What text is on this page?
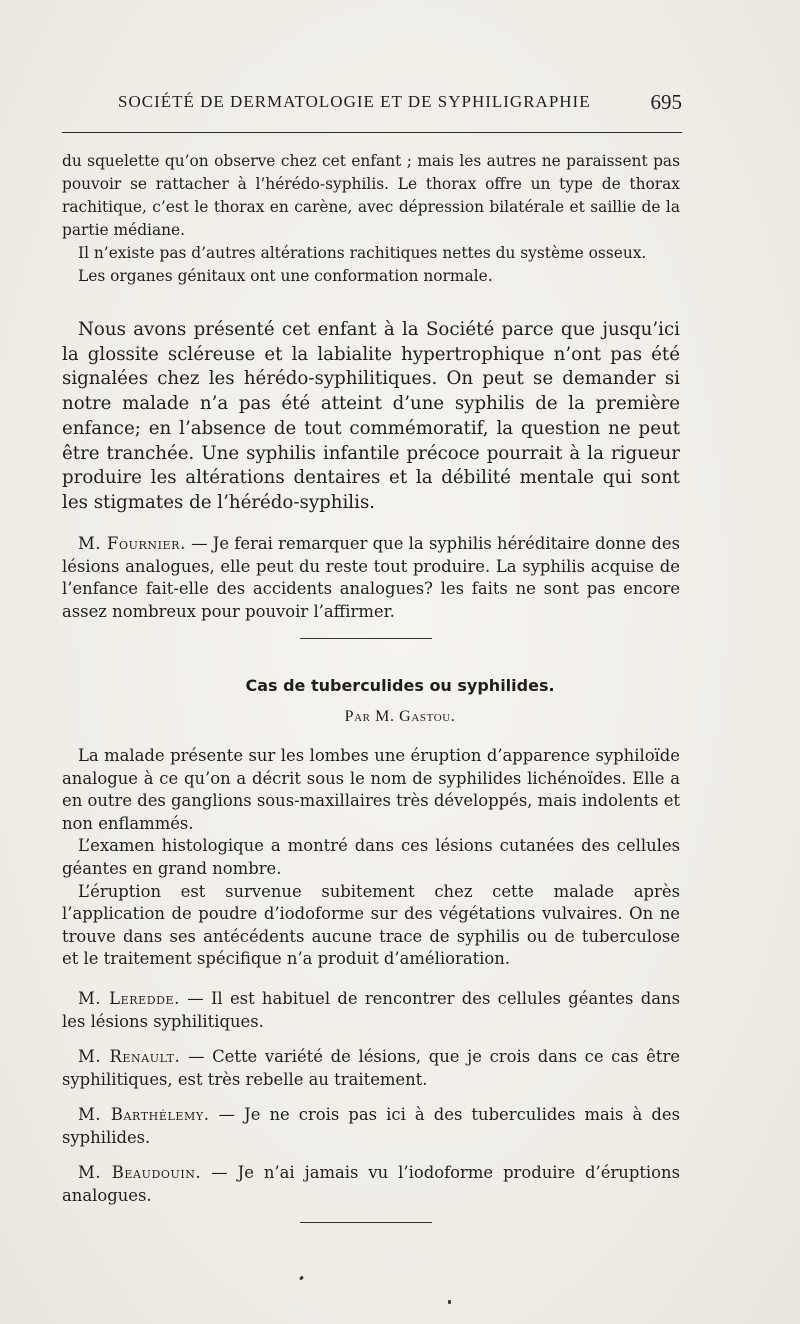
SOCIÉTÉ DE DERMATOLOGIE ET DE SYPHILIGRAPHIE	695

du squelette qu’on observe chez cet enfant ; mais les autres ne paraissent pas pouvoir se rattacher à l’hérédo-syphilis. Le thorax offre un type de thorax rachitique, c’est le thorax en carène, avec dépression bilatérale et saillie de la partie médiane.

Il n’existe pas d’autres altérations rachitiques nettes du système osseux.

Les organes génitaux ont une conformation normale.

Nous avons présenté cet enfant à la Société parce que jusqu’ici la glossite scléreuse et la labialite hypertrophique n’ont pas été signalées chez les hérédo-syphilitiques. On peut se demander si notre malade n’a pas été atteint d’une syphilis de la première enfance; en l’absence de tout commémoratif, la question ne peut être tranchée. Une syphilis infantile précoce pourrait à la rigueur produire les altérations dentaires et la débilité mentale qui sont les stigmates de l’hérédo-syphilis.

M. Fournier. — Je ferai remarquer que la syphilis héréditaire donne des lésions analogues, elle peut du reste tout produire. La syphilis acquise de l’enfance fait-elle des accidents analogues? les faits ne sont pas encore assez nombreux pour pouvoir l’affirmer.

Cas de tuberculides ou syphilides.
Par M. Gastou.

La malade présente sur les lombes une éruption d’apparence syphiloïde analogue à ce qu’on a décrit sous le nom de syphilides lichénoïdes. Elle a en outre des ganglions sous-maxillaires très développés, mais indolents et non enflammés.

L’examen histologique a montré dans ces lésions cutanées des cellules géantes en grand nombre.

L’éruption est survenue subitement chez cette malade après l’application de poudre d’iodoforme sur des végétations vulvaires. On ne trouve dans ses antécédents aucune trace de syphilis ou de tuberculose et le traitement spécifique n’a produit d’amélioration.

M. Leredde. — Il est habituel de rencontrer des cellules géantes dans les lésions syphilitiques.

M. Renault. — Cette variété de lésions, que je crois dans ce cas être syphilitiques, est très rebelle au traitement.

M. Barthélemy. — Je ne crois pas ici à des tuberculides mais à des syphilides.

M. Beaudouin. — Je n’ai jamais vu l’iodoforme produire d’éruptions analogues.
